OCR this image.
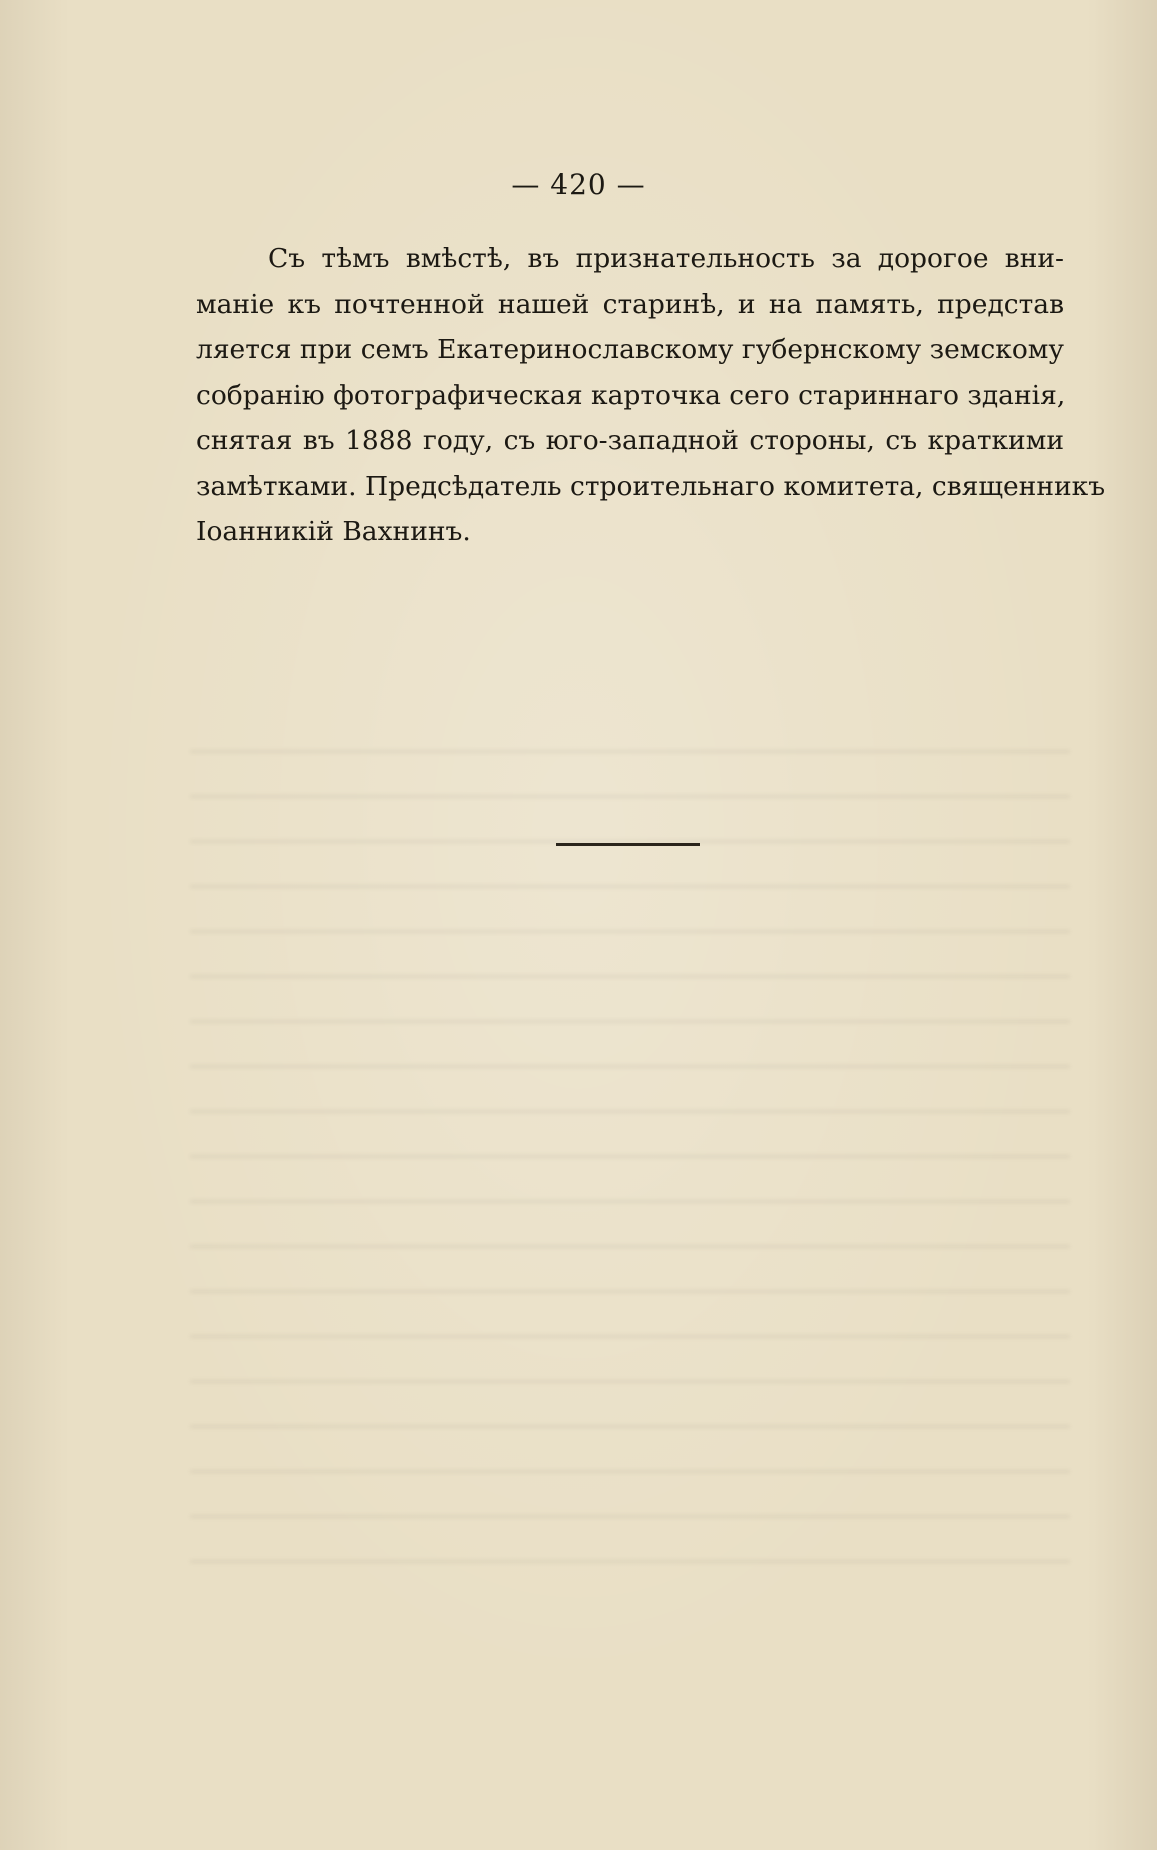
— 420 —
Съ тѣмъ вмѣстѣ, въ признательность за дорогое вни-
маніе къ почтенной нашей старинѣ, и на память, представ
ляется при семъ Екатеринославскому губернскому земскому
собранію фотографическая карточка сего стариннаго зданія,
снятая въ 1888 году, съ юго-западной стороны, съ краткими
замѣтками. Предсѣдатель строительнаго комитета, священникъ
Іоанникій Вахнинъ.
